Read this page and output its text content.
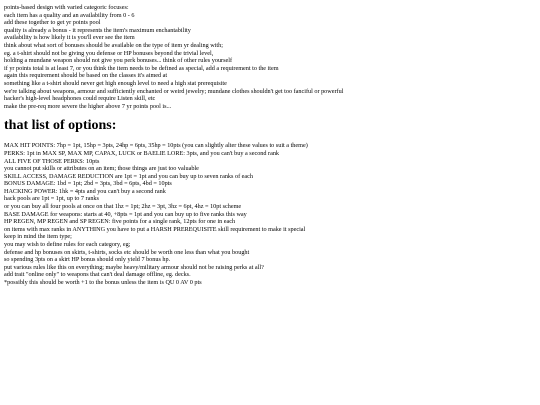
points-based design with varied categoric focuses:
each item has a quality and an availability from 0 - 6
add these together to get yr points pool
quality is already a bonus - it represents the item's maximum enchantability
availability is how likely it is you'll ever see the item
think about what sort of bonuses should be available on the type of item yr dealing with;
eg. a t-shirt should not be giving you defense or HP bonuses beyond the trivial level,
holding a mundane weapon should not give you perk bonuses... think of other rules yourself
if yr points total is at least 7, or you think the item needs to be defined as special, add a requirement to the item
again this requirement should be based on the classes it's aimed at
something like a t-shirt should never get high enough level to need a high stat prerequisite
we're talking about weapons, armour and sufficiently enchanted or weird jewelry; mundane clothes shouldn't get too fanciful or powerful
hacker's high-level headphones could require Listen skill, etc
make the pre-req more severe the higher above 7 yr points pool is...
that list of options:
MAX HIT POINTS: 7hp = 1pt, 15hp = 3pts, 24hp = 6pts, 35hp = 10pts (you can slightly alter these values to suit a theme)
PERKS: 1pt in MAX SP, MAX MP, CAPAX, LUCK or BAELIE LORE: 3pts, and you can't buy a second rank
ALL FIVE OF THOSE PERKS: 10pts
you cannot put skills or attributes on an item; those things are just too valuable
SKILL ACCESS, DAMAGE REDUCTION are 1pt = 1pt and you can buy up to seven ranks of each
BONUS DAMAGE: 1bd = 1pt; 2bd = 3pts, 3bd = 6pts, 4bd = 10pts
HACKING POWER: 1hk = 4pts and you can't buy a second rank
hack pools are 1pt = 1pt, up to 7 ranks
or you can buy all four pools at once on that 1hz = 1pt; 2hz = 3pt, 3hz = 6pt, 4hz = 10pt scheme
BASE DAMAGE for weapons: starts at 40, +8pts = 1pt and you can buy up to five ranks this way
HP REGEN, MP REGEN and SP REGEN: five points for a single rank, 12pts for one in each
on items with max ranks in ANYTHING you have to put a HARSH PREREQUISITE skill requirement to make it special
keep in mind the item type;
you may wish to define rules for each category, eg;
defense and hp bonuses on skirts, t-shirts, socks etc should be worth one less than what you bought
so spending 3pts on a skirt HP bonus should only yield 7 bonus hp.
put various rules like this on everything; maybe heavy/military armour should not be raising perks at all?
add trait "online only" to weapons that can't deal damage offline, eg. decks.
*possibly this should be worth +1 to the bonus unless the item is QU 0 AV 0 pts
